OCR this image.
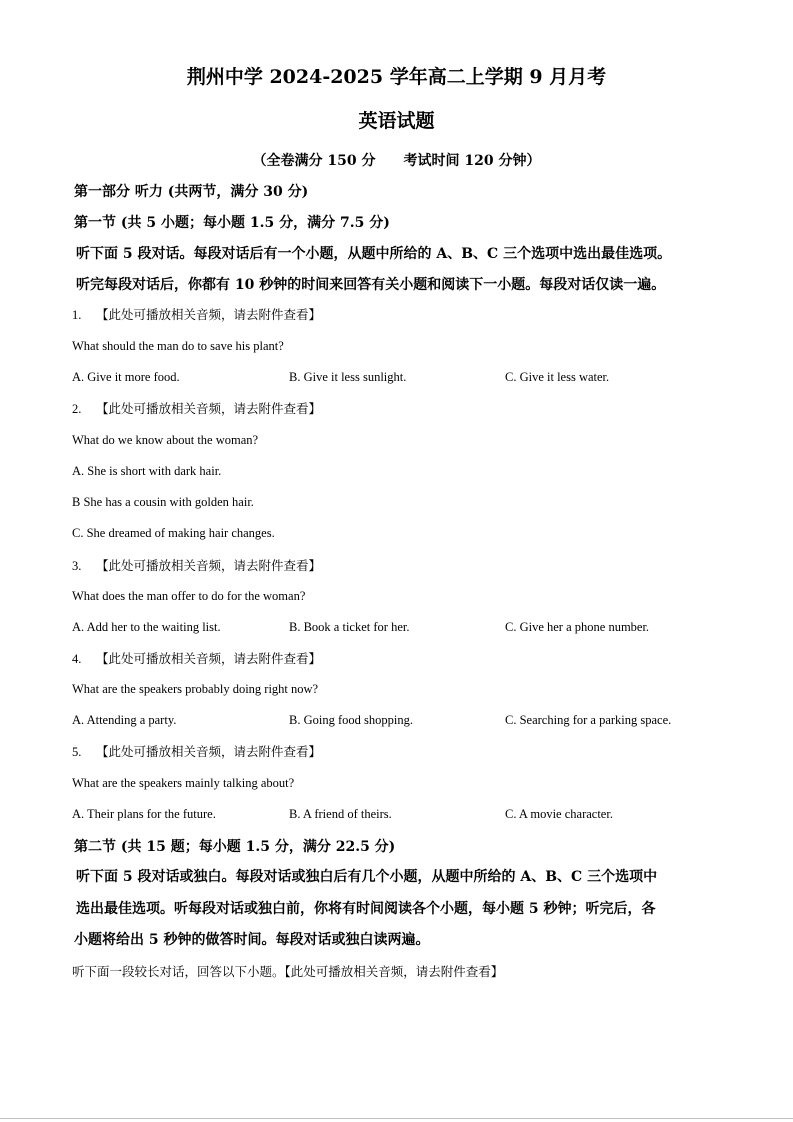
荆州中学 2024-2025 学年高二上学期 9 月月考
英语试题
（全卷满分 150 分　　考试时间 120 分钟）
第一部分 听力 (共两节，满分 30 分)
第一节 (共 5 小题；每小题 1.5 分，满分 7.5 分)
听下面 5 段对话。每段对话后有一个小题，从题中所给的 A、B、C 三个选项中选出最佳选项。
听完每段对话后，你都有 10 秒钟的时间来回答有关小题和阅读下一小题。每段对话仅读一遍。
1. 【此处可播放相关音频，请去附件查看】
What should the man do to save his plant?
A. Give it more food.	B. Give it less sunlight.	C. Give it less water.
2. 【此处可播放相关音频，请去附件查看】
What do we know about the woman?
A. She is short with dark hair.
B She has a cousin with golden hair.
C. She dreamed of making hair changes.
3. 【此处可播放相关音频，请去附件查看】
What does the man offer to do for the woman?
A. Add her to the waiting list.	B. Book a ticket for her.	C. Give her a phone number.
4. 【此处可播放相关音频，请去附件查看】
What are the speakers probably doing right now?
A. Attending a party.	B. Going food shopping.	C. Searching for a parking space.
5. 【此处可播放相关音频，请去附件查看】
What are the speakers mainly talking about?
A. Their plans for the future.	B. A friend of theirs.	C. A movie character.
第二节 (共 15 题；每小题 1.5 分，满分 22.5 分)
听下面 5 段对话或独白。每段对话或独白后有几个小题，从题中所给的 A、B、C 三个选项中
选出最佳选项。听每段对话或独白前，你将有时间阅读各个小题，每小题 5 秒钟；听完后，各
小题将给出 5 秒钟的做答时间。每段对话或独白读两遍。
听下面一段较长对话，回答以下小题。【此处可播放相关音频，请去附件查看】
